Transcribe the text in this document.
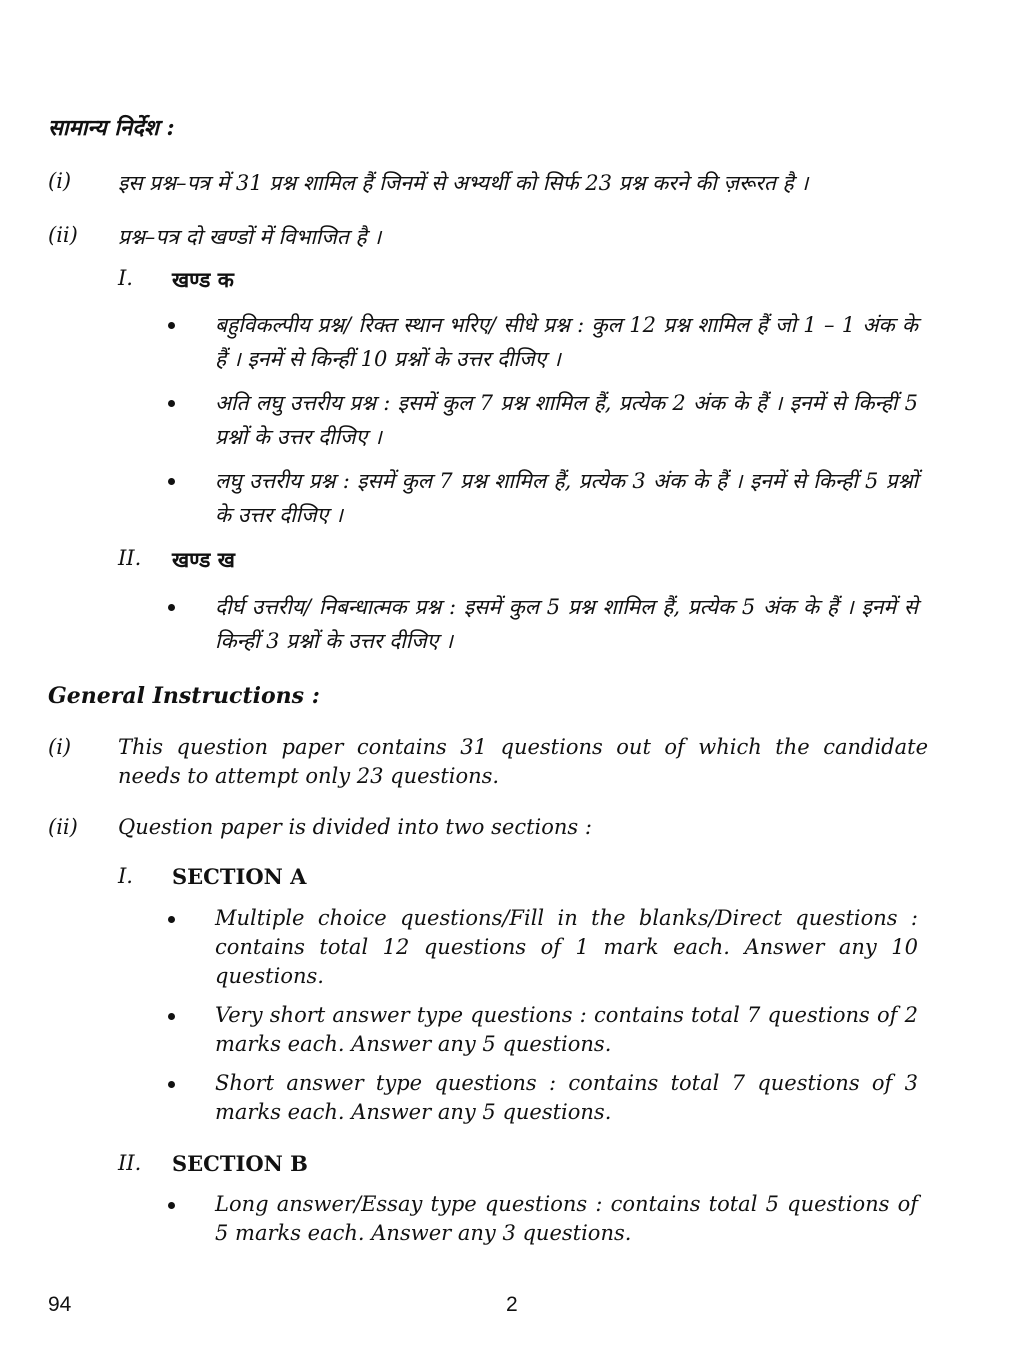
सामान्य निर्देश :
(i) इस प्रश्न–पत्र में 31 प्रश्न शामिल हैं जिनमें से अभ्यर्थी को सिर्फ 23 प्रश्न करने की ज़रूरत है ।
(ii) प्रश्न–पत्र दो खण्डों में विभाजित है ।
I. खण्ड क
बहुविकल्पीय प्रश्न/ रिक्त स्थान भरिए/ सीधे प्रश्न : कुल 12 प्रश्न शामिल हैं जो 1 – 1 अंक के हैं । इनमें से किन्हीं 10 प्रश्नों के उत्तर दीजिए ।
अति लघु उत्तरीय प्रश्न : इसमें कुल 7 प्रश्न शामिल हैं, प्रत्येक 2 अंक के हैं । इनमें से किन्हीं 5 प्रश्नों के उत्तर दीजिए ।
लघु उत्तरीय प्रश्न : इसमें कुल 7 प्रश्न शामिल हैं, प्रत्येक 3 अंक के हैं । इनमें से किन्हीं 5 प्रश्नों के उत्तर दीजिए ।
II. खण्ड ख
दीर्घ उत्तरीय/ निबन्धात्मक प्रश्न : इसमें कुल 5 प्रश्न शामिल हैं, प्रत्येक 5 अंक के हैं । इनमें से किन्हीं 3 प्रश्नों के उत्तर दीजिए ।
General Instructions :
(i) This question paper contains 31 questions out of which the candidate needs to attempt only 23 questions.
(ii) Question paper is divided into two sections :
I. SECTION A
Multiple choice questions/Fill in the blanks/Direct questions : contains total 12 questions of 1 mark each. Answer any 10 questions.
Very short answer type questions : contains total 7 questions of 2 marks each. Answer any 5 questions.
Short answer type questions : contains total 7 questions of 3 marks each. Answer any 5 questions.
II. SECTION B
Long answer/Essay type questions : contains total 5 questions of 5 marks each. Answer any 3 questions.
94	2
